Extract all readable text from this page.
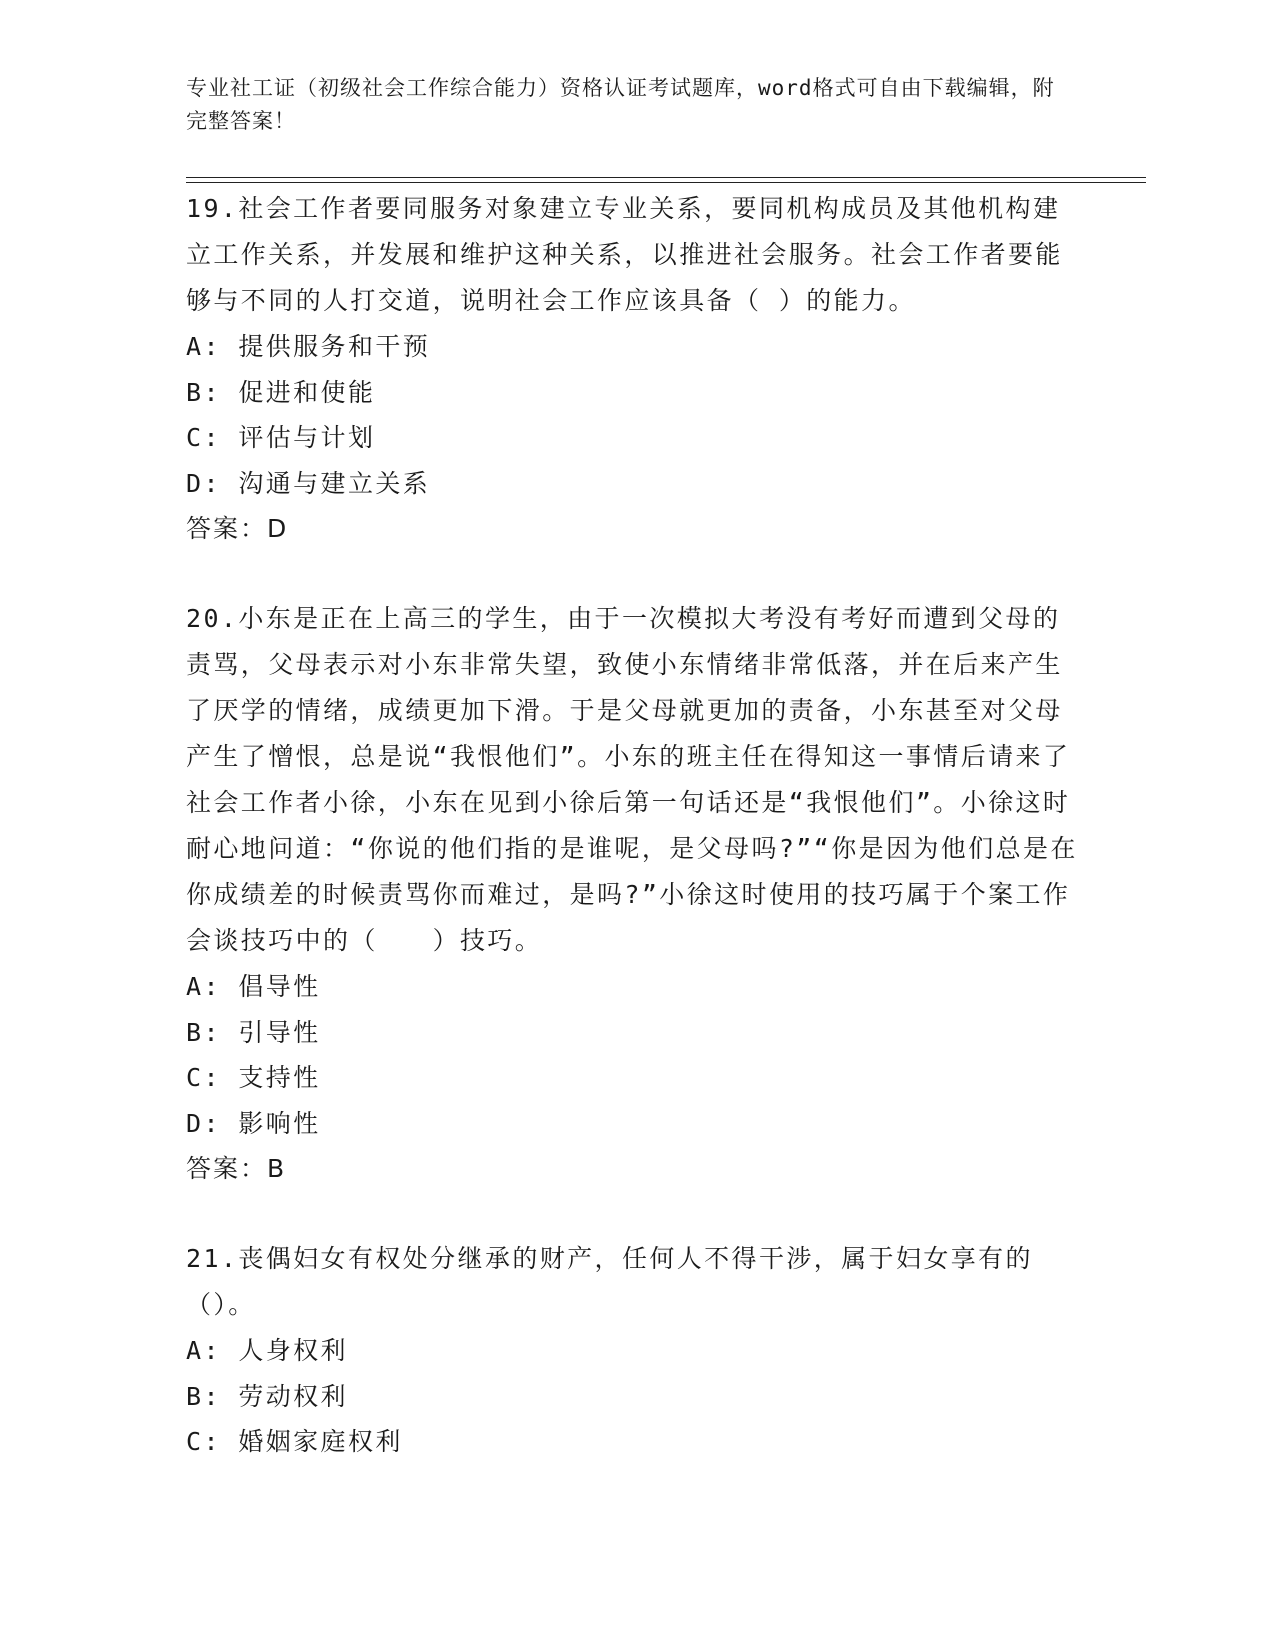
专业社工证（初级社会工作综合能力）资格认证考试题库，word格式可自由下载编辑，附完整答案！

19.社会工作者要同服务对象建立专业关系，要同机构成员及其他机构建立工作关系，并发展和维护这种关系，以推进社会服务。社会工作者要能够与不同的人打交道，说明社会工作应该具备（ ）的能力。

A: 提供服务和干预

B: 促进和使能

C: 评估与计划

D: 沟通与建立关系

答案：D

20.小东是正在上高三的学生，由于一次模拟大考没有考好而遭到父母的责骂，父母表示对小东非常失望，致使小东情绪非常低落，并在后来产生了厌学的情绪，成绩更加下滑。于是父母就更加的责备，小东甚至对父母产生了憎恨，总是说“我恨他们”。小东的班主任在得知这一事情后请来了社会工作者小徐，小东在见到小徐后第一句话还是“我恨他们”。小徐这时耐心地问道：“你说的他们指的是谁呢，是父母吗?”“你是因为他们总是在你成绩差的时候责骂你而难过，是吗?”小徐这时使用的技巧属于个案工作会谈技巧中的（　　）技巧。

A: 倡导性

B: 引导性

C: 支持性

D: 影响性

答案：B

21.丧偶妇女有权处分继承的财产，任何人不得干涉，属于妇女享有的（）。

A: 人身权利

B: 劳动权利

C: 婚姻家庭权利
